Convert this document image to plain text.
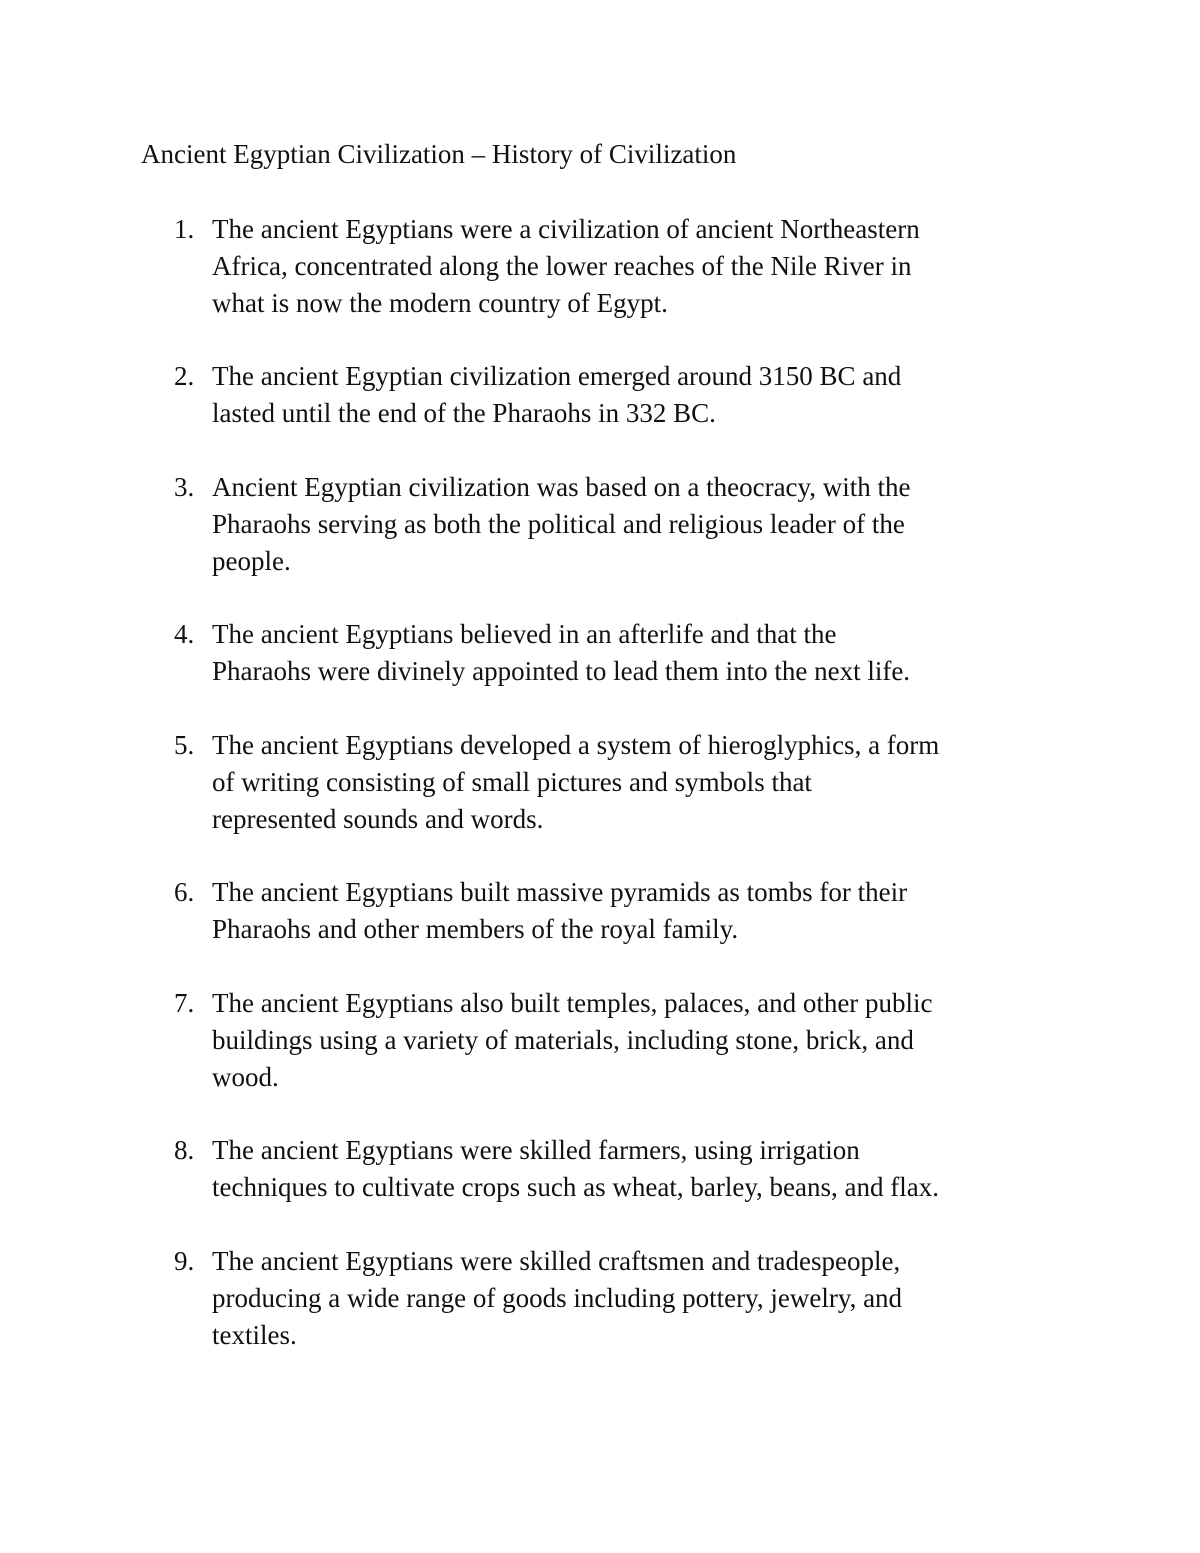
Ancient Egyptian Civilization – History of Civilization
1. The ancient Egyptians were a civilization of ancient Northeastern
Africa, concentrated along the lower reaches of the Nile River in
what is now the modern country of Egypt.
2. The ancient Egyptian civilization emerged around 3150 BC and
lasted until the end of the Pharaohs in 332 BC.
3. Ancient Egyptian civilization was based on a theocracy, with the
Pharaohs serving as both the political and religious leader of the
people.
4. The ancient Egyptians believed in an afterlife and that the
Pharaohs were divinely appointed to lead them into the next life.
5. The ancient Egyptians developed a system of hieroglyphics, a form
of writing consisting of small pictures and symbols that
represented sounds and words.
6. The ancient Egyptians built massive pyramids as tombs for their
Pharaohs and other members of the royal family.
7. The ancient Egyptians also built temples, palaces, and other public
buildings using a variety of materials, including stone, brick, and
wood.
8. The ancient Egyptians were skilled farmers, using irrigation
techniques to cultivate crops such as wheat, barley, beans, and flax.
9. The ancient Egyptians were skilled craftsmen and tradespeople,
producing a wide range of goods including pottery, jewelry, and
textiles.
